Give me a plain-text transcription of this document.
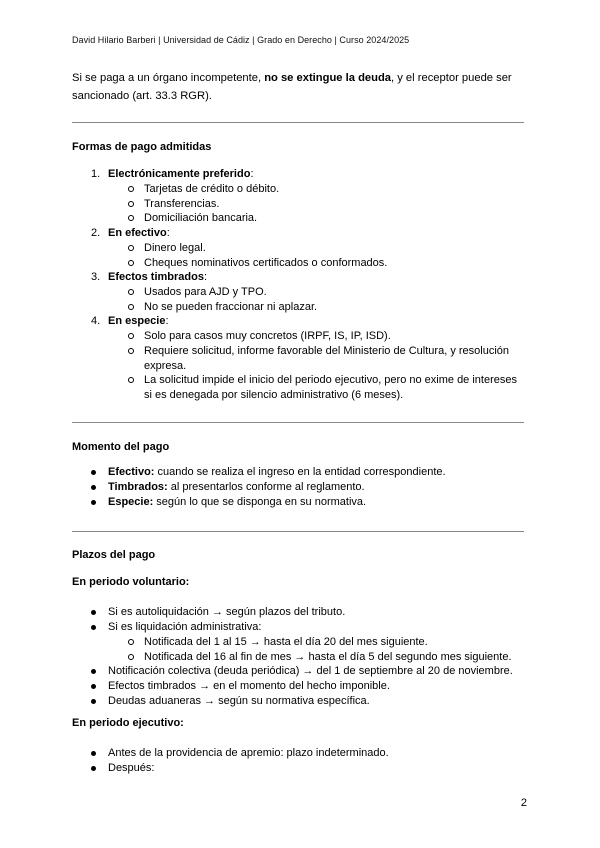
David Hilario Barberi | Universidad de Cádiz | Grado en Derecho | Curso 2024/2025
Si se paga a un órgano incompetente, no se extingue la deuda, y el receptor puede ser
sancionado (art. 33.3 RGR).
Formas de pago admitidas
1. Electrónicamente preferido:
Tarjetas de crédito o débito.
Transferencias.
Domiciliación bancaria.
2. En efectivo:
Dinero legal.
Cheques nominativos certificados o conformados.
3. Efectos timbrados:
Usados para AJD y TPO.
No se pueden fraccionar ni aplazar.
4. En especie:
Solo para casos muy concretos (IRPF, IS, IP, ISD).
Requiere solicitud, informe favorable del Ministerio de Cultura, y resolución
expresa.
La solicitud impide el inicio del periodo ejecutivo, pero no exime de intereses
si es denegada por silencio administrativo (6 meses).
Momento del pago
Efectivo: cuando se realiza el ingreso en la entidad correspondiente.
Timbrados: al presentarlos conforme al reglamento.
Especie: según lo que se disponga en su normativa.
Plazos del pago
En periodo voluntario:
Si es autoliquidación → según plazos del tributo.
Si es liquidación administrativa:
Notificada del 1 al 15 → hasta el día 20 del mes siguiente.
Notificada del 16 al fin de mes → hasta el día 5 del segundo mes siguiente.
Notificación colectiva (deuda periódica) → del 1 de septiembre al 20 de noviembre.
Efectos timbrados → en el momento del hecho imponible.
Deudas aduaneras → según su normativa específica.
En periodo ejecutivo:
Antes de la providencia de apremio: plazo indeterminado.
Después:
2
